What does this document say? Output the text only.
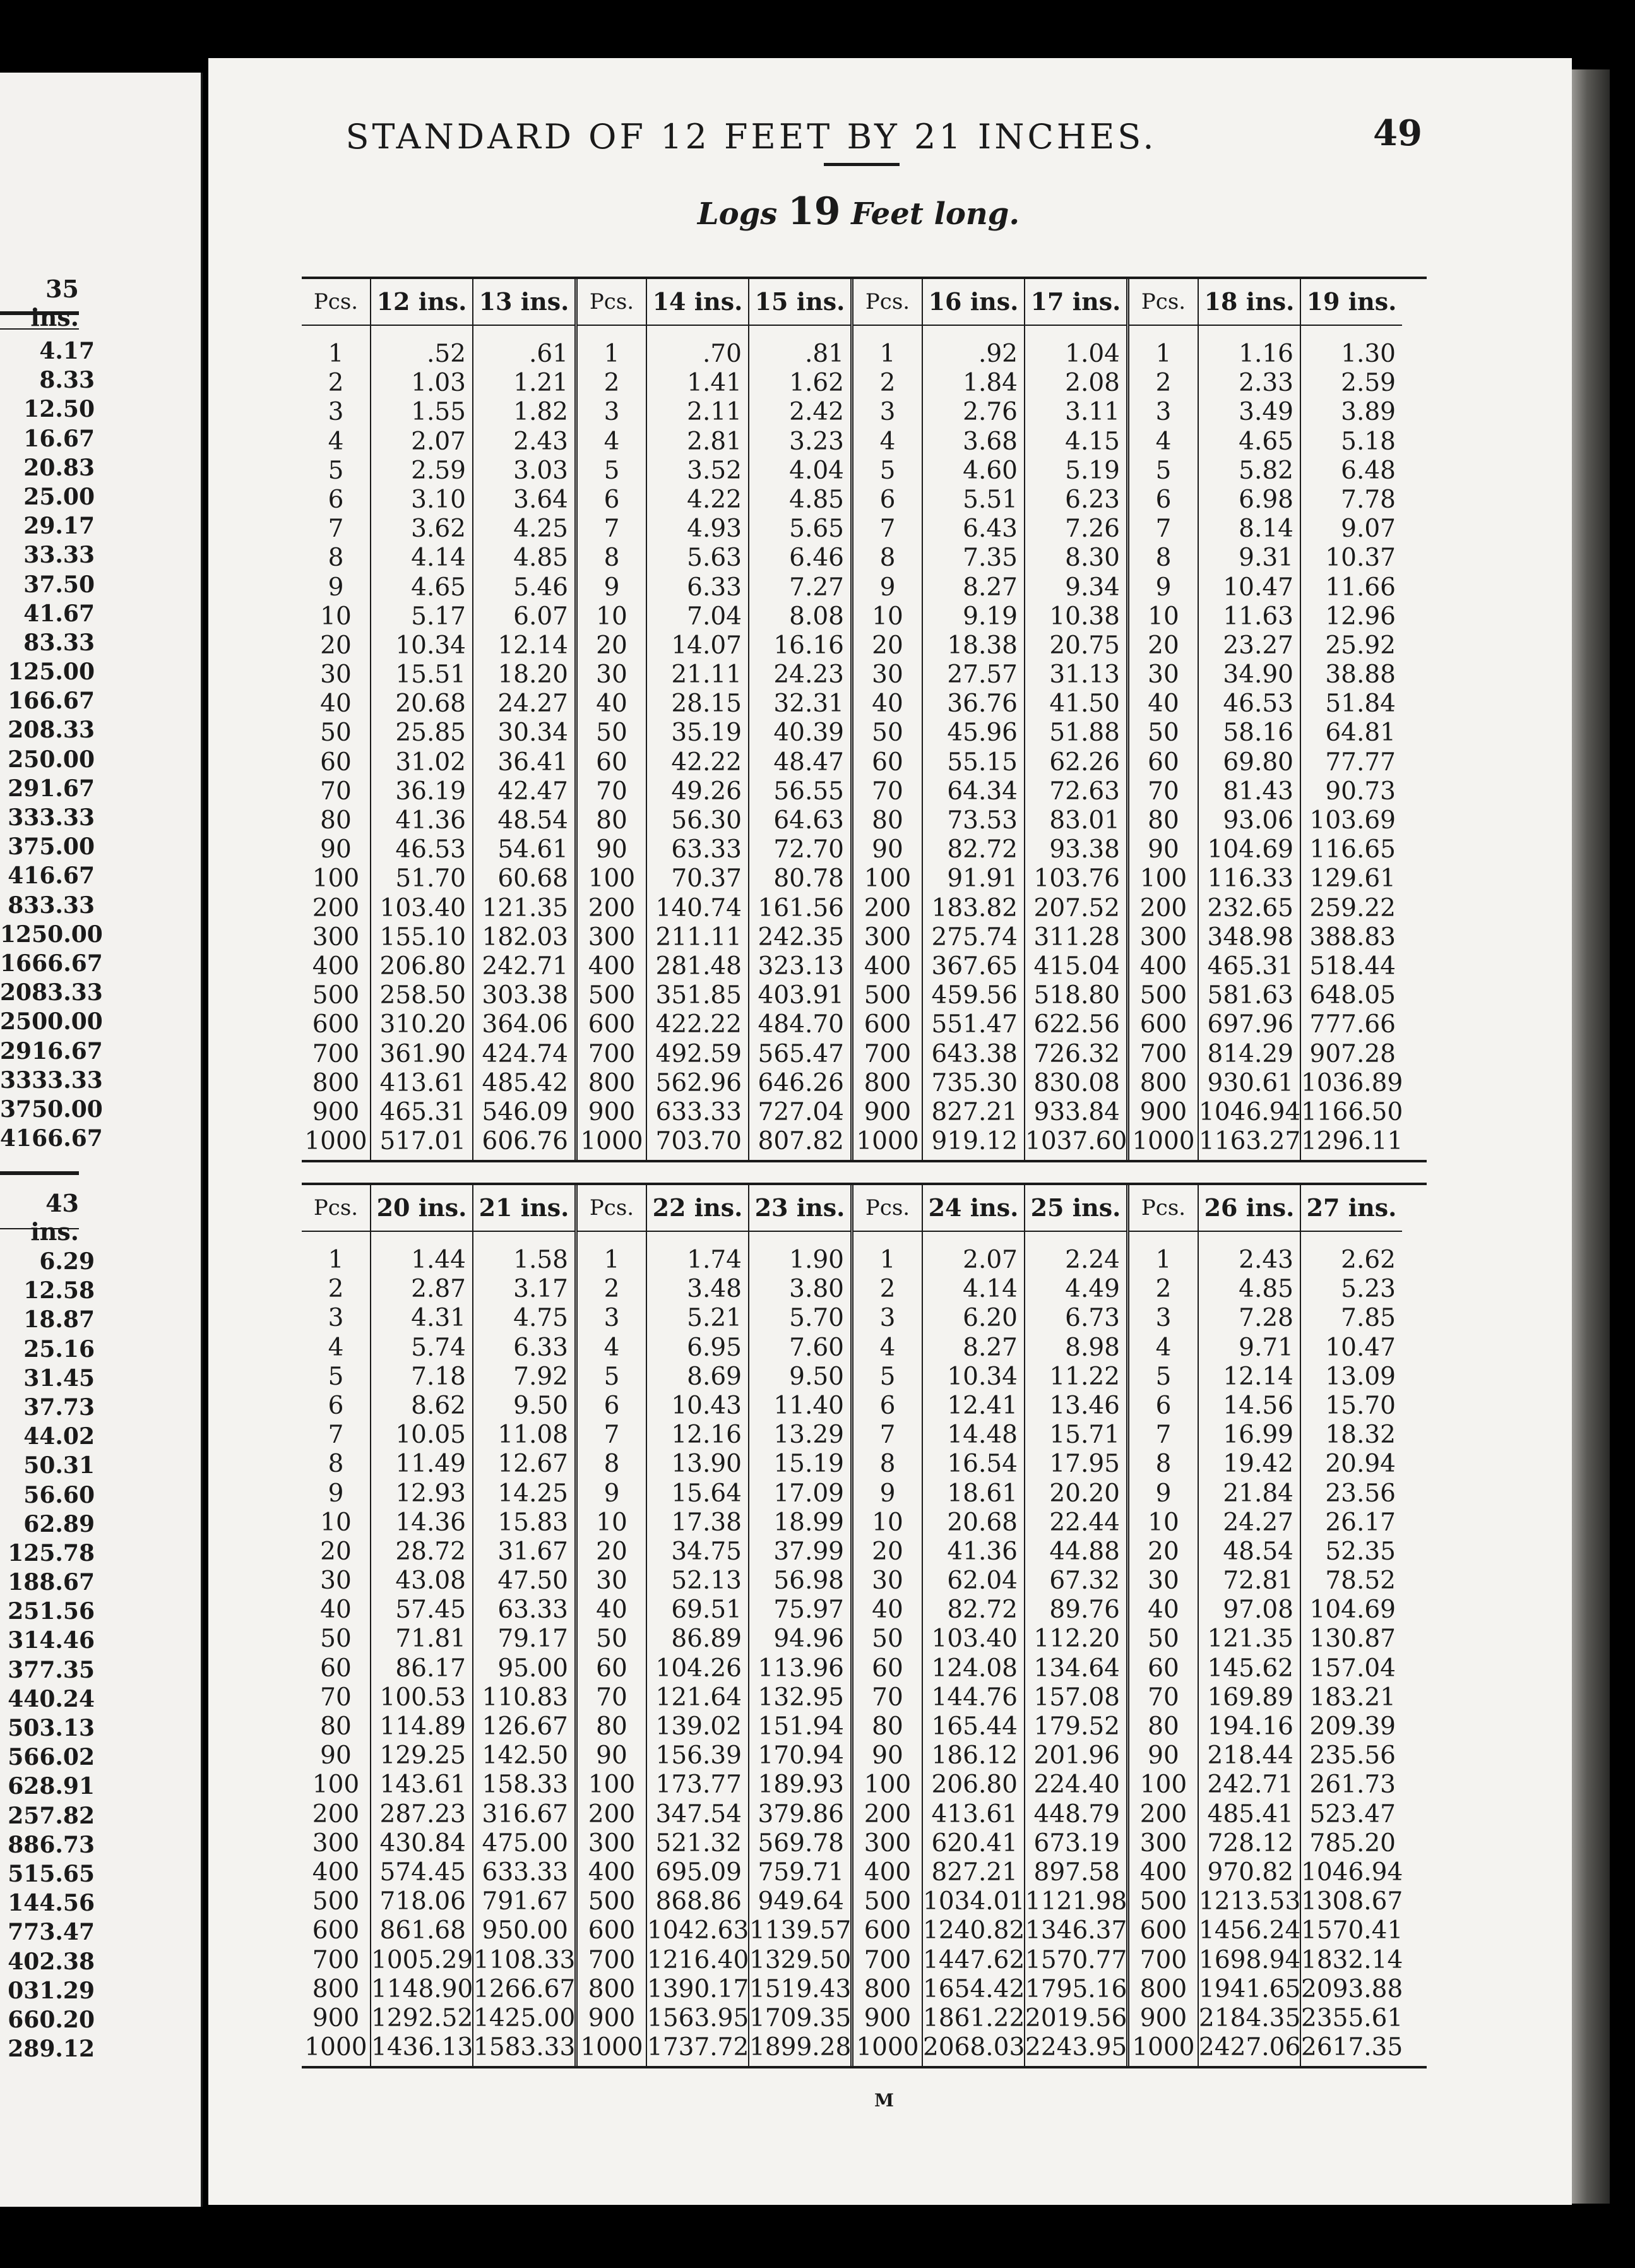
35 ins.
4.17
8.33
12.50
16.67
20.83
25.00
29.17
33.33
37.50
41.67
83.33
125.00
166.67
208.33
250.00
291.67
333.33
375.00
416.67
833.33
1250.00
1666.67
2083.33
2500.00
2916.67
3333.33
3750.00
4166.67
43 ins.
6.29
12.58
18.87
25.16
31.45
37.73
44.02
50.31
56.60
62.89
125.78
188.67
251.56
314.46
377.35
440.24
503.13
566.02
628.91
257.82
886.73
515.65
144.56
773.47
402.38
031.29
660.20
289.12
STANDARD OF 12 FEET BY 21 INCHES.	49
Logs 19 Feet long.
Pcs.
1
2
3
4
5
6
7
8
9
10
20
30
40
50
60
70
80
90
100
200
300
400
500
600
700
800
900
1000
12 ins.
.52
1.03
1.55
2.07
2.59
3.10
3.62
4.14
4.65
5.17
10.34
15.51
20.68
25.85
31.02
36.19
41.36
46.53
51.70
103.40
155.10
206.80
258.50
310.20
361.90
413.61
465.31
517.01
13 ins.
.61
1.21
1.82
2.43
3.03
3.64
4.25
4.85
5.46
6.07
12.14
18.20
24.27
30.34
36.41
42.47
48.54
54.61
60.68
121.35
182.03
242.71
303.38
364.06
424.74
485.42
546.09
606.76
Pcs.
1
2
3
4
5
6
7
8
9
10
20
30
40
50
60
70
80
90
100
200
300
400
500
600
700
800
900
1000
14 ins.
.70
1.41
2.11
2.81
3.52
4.22
4.93
5.63
6.33
7.04
14.07
21.11
28.15
35.19
42.22
49.26
56.30
63.33
70.37
140.74
211.11
281.48
351.85
422.22
492.59
562.96
633.33
703.70
15 ins.
.81
1.62
2.42
3.23
4.04
4.85
5.65
6.46
7.27
8.08
16.16
24.23
32.31
40.39
48.47
56.55
64.63
72.70
80.78
161.56
242.35
323.13
403.91
484.70
565.47
646.26
727.04
807.82
Pcs.
1
2
3
4
5
6
7
8
9
10
20
30
40
50
60
70
80
90
100
200
300
400
500
600
700
800
900
1000
16 ins.
.92
1.84
2.76
3.68
4.60
5.51
6.43
7.35
8.27
9.19
18.38
27.57
36.76
45.96
55.15
64.34
73.53
82.72
91.91
183.82
275.74
367.65
459.56
551.47
643.38
735.30
827.21
919.12
17 ins.
1.04
2.08
3.11
4.15
5.19
6.23
7.26
8.30
9.34
10.38
20.75
31.13
41.50
51.88
62.26
72.63
83.01
93.38
103.76
207.52
311.28
415.04
518.80
622.56
726.32
830.08
933.84
1037.60
Pcs.
1
2
3
4
5
6
7
8
9
10
20
30
40
50
60
70
80
90
100
200
300
400
500
600
700
800
900
1000
18 ins.
1.16
2.33
3.49
4.65
5.82
6.98
8.14
9.31
10.47
11.63
23.27
34.90
46.53
58.16
69.80
81.43
93.06
104.69
116.33
232.65
348.98
465.31
581.63
697.96
814.29
930.61
1046.94
1163.27
19 ins.
1.30
2.59
3.89
5.18
6.48
7.78
9.07
10.37
11.66
12.96
25.92
38.88
51.84
64.81
77.77
90.73
103.69
116.65
129.61
259.22
388.83
518.44
648.05
777.66
907.28
1036.89
1166.50
1296.11
Pcs.
1
2
3
4
5
6
7
8
9
10
20
30
40
50
60
70
80
90
100
200
300
400
500
600
700
800
900
1000
20 ins.
1.44
2.87
4.31
5.74
7.18
8.62
10.05
11.49
12.93
14.36
28.72
43.08
57.45
71.81
86.17
100.53
114.89
129.25
143.61
287.23
430.84
574.45
718.06
861.68
1005.29
1148.90
1292.52
1436.13
21 ins.
1.58
3.17
4.75
6.33
7.92
9.50
11.08
12.67
14.25
15.83
31.67
47.50
63.33
79.17
95.00
110.83
126.67
142.50
158.33
316.67
475.00
633.33
791.67
950.00
1108.33
1266.67
1425.00
1583.33
Pcs.
1
2
3
4
5
6
7
8
9
10
20
30
40
50
60
70
80
90
100
200
300
400
500
600
700
800
900
1000
22 ins.
1.74
3.48
5.21
6.95
8.69
10.43
12.16
13.90
15.64
17.38
34.75
52.13
69.51
86.89
104.26
121.64
139.02
156.39
173.77
347.54
521.32
695.09
868.86
1042.63
1216.40
1390.17
1563.95
1737.72
23 ins.
1.90
3.80
5.70
7.60
9.50
11.40
13.29
15.19
17.09
18.99
37.99
56.98
75.97
94.96
113.96
132.95
151.94
170.94
189.93
379.86
569.78
759.71
949.64
1139.57
1329.50
1519.43
1709.35
1899.28
Pcs.
1
2
3
4
5
6
7
8
9
10
20
30
40
50
60
70
80
90
100
200
300
400
500
600
700
800
900
1000
24 ins.
2.07
4.14
6.20
8.27
10.34
12.41
14.48
16.54
18.61
20.68
41.36
62.04
82.72
103.40
124.08
144.76
165.44
186.12
206.80
413.61
620.41
827.21
1034.01
1240.82
1447.62
1654.42
1861.22
2068.03
25 ins.
2.24
4.49
6.73
8.98
11.22
13.46
15.71
17.95
20.20
22.44
44.88
67.32
89.76
112.20
134.64
157.08
179.52
201.96
224.40
448.79
673.19
897.58
1121.98
1346.37
1570.77
1795.16
2019.56
2243.95
Pcs.
1
2
3
4
5
6
7
8
9
10
20
30
40
50
60
70
80
90
100
200
300
400
500
600
700
800
900
1000
26 ins.
2.43
4.85
7.28
9.71
12.14
14.56
16.99
19.42
21.84
24.27
48.54
72.81
97.08
121.35
145.62
169.89
194.16
218.44
242.71
485.41
728.12
970.82
1213.53
1456.24
1698.94
1941.65
2184.35
2427.06
27 ins.
2.62
5.23
7.85
10.47
13.09
15.70
18.32
20.94
23.56
26.17
52.35
78.52
104.69
130.87
157.04
183.21
209.39
235.56
261.73
523.47
785.20
1046.94
1308.67
1570.41
1832.14
2093.88
2355.61
2617.35
M
